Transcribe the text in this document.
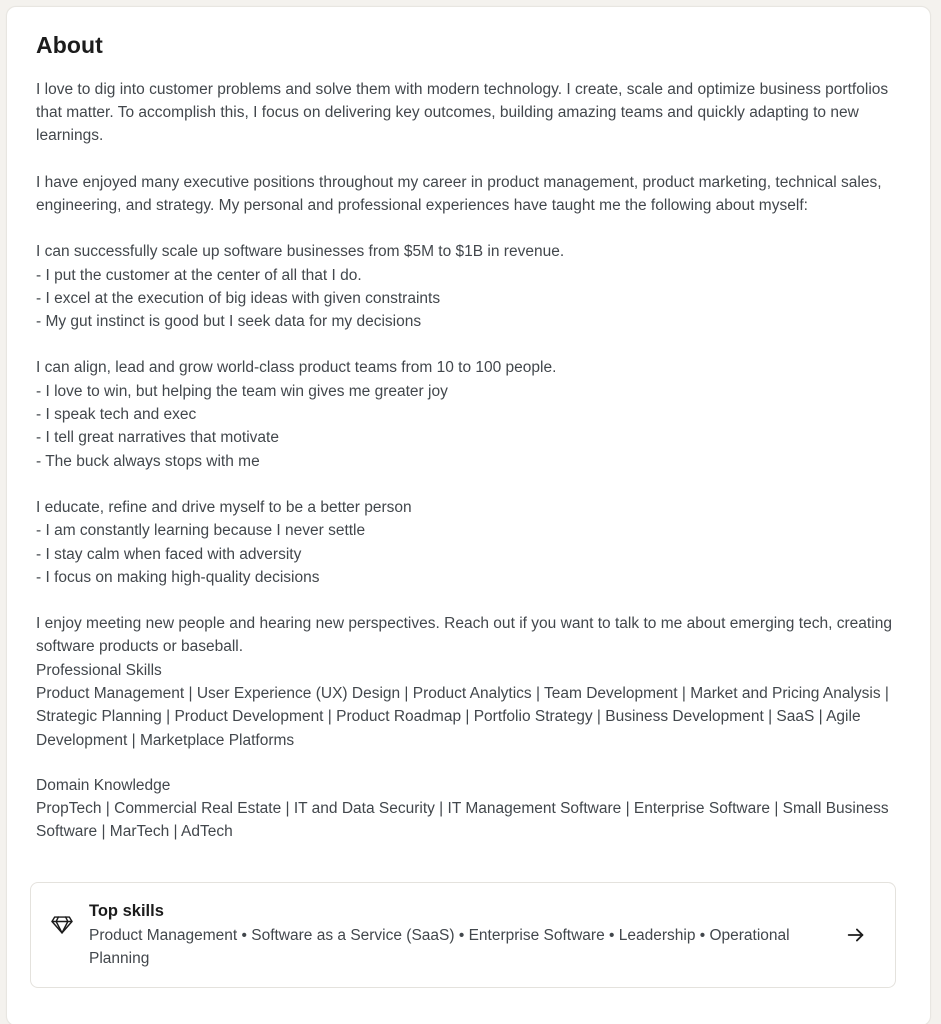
About

I love to dig into customer problems and solve them with modern technology. I create, scale and optimize business portfolios that matter. To accomplish this, I focus on delivering key outcomes, building amazing teams and quickly adapting to new learnings.

I have enjoyed many executive positions throughout my career in product management, product marketing, technical sales, engineering, and strategy. My personal and professional experiences have taught me the following about myself:

I can successfully scale up software businesses from $5M to $1B in revenue.
- I put the customer at the center of all that I do.
- I excel at the execution of big ideas with given constraints
- My gut instinct is good but I seek data for my decisions
I can align, lead and grow world-class product teams from 10 to 100 people.
- I love to win, but helping the team win gives me greater joy
- I speak tech and exec
- I tell great narratives that motivate
- The buck always stops with me
I educate, refine and drive myself to be a better person
- I am constantly learning because I never settle
- I stay calm when faced with adversity
- I focus on making high-quality decisions

I enjoy meeting new people and hearing new perspectives. Reach out if you want to talk to me about emerging tech, creating software products or baseball.

Professional Skills
Product Management | User Experience (UX) Design | Product Analytics | Team Development | Market and Pricing Analysis | Strategic Planning | Product Development | Product Roadmap | Portfolio Strategy | Business Development | SaaS | Agile Development | Marketplace Platforms
Domain Knowledge
PropTech | Commercial Real Estate | IT and Data Security | IT Management Software | Enterprise Software | Small Business Software | MarTech | AdTech
Top skills
Product Management • Software as a Service (SaaS) • Enterprise Software • Leadership • Operational Planning
